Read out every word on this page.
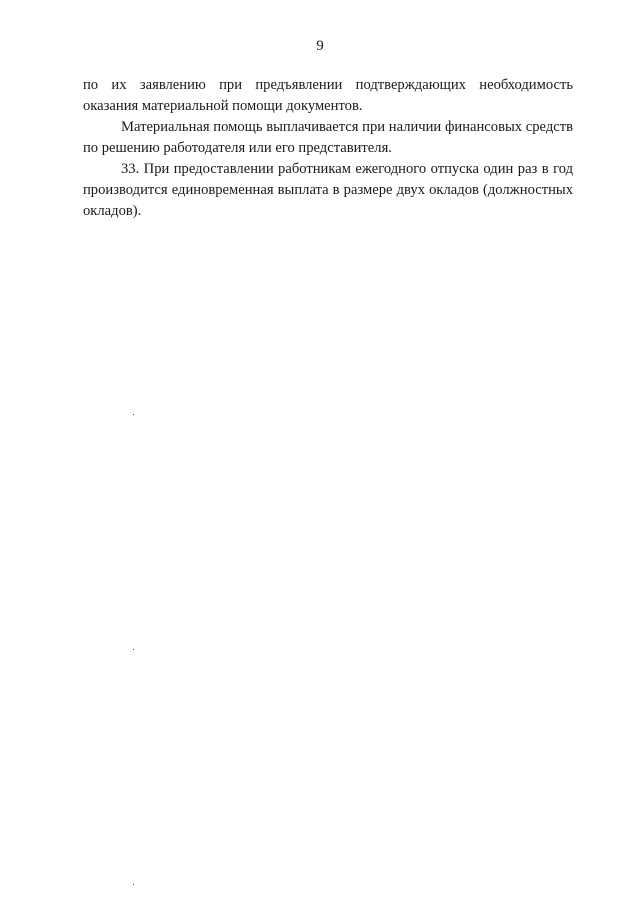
9

по их заявлению при предъявлении подтверждающих необходимость оказания материальной помощи документов.

Материальная помощь выплачивается при наличии финансовых средств по решению работодателя или его представителя.

33. При предоставлении работникам ежегодного отпуска один раз в год производится единовременная выплата в размере двух окладов (должностных окладов).
